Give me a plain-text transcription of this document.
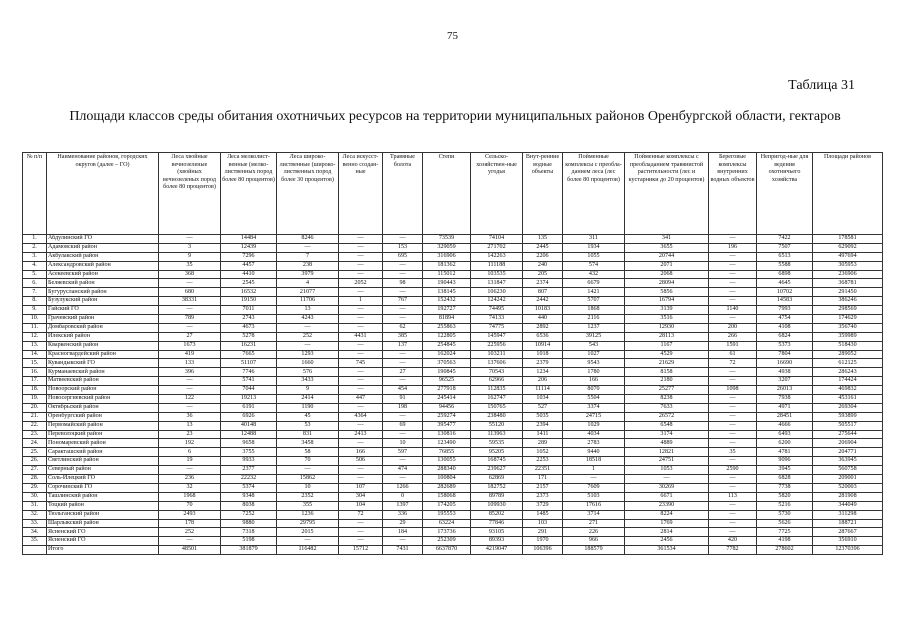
75
Таблица 31
Площади классов среды обитания охотничьих ресурсов на территории муниципальных районов Оренбургской области, гектаров
№ п/п	Наименование районов, городских округов (далее – ГО)	Леса хвойные вечнозеленые (хвойных вечнозеленых пород более 80 процентов)	Леса мелколист-венные (мелко-лиственных пород более 80 процентов)	Леса широко-лиственные (широко-лиственных пород более 30 процентов)	Леса искусст-венно создан-ные	Травяные болота	Степи	Сельско-хозяйствен-ные угодья	Внут-ренние водные объекты	Пойменные комплексы с преобла-данием леса (лес более 80 процентов)	Пойменные комплексы с преобладанием травянистой растительности (лес и кустарники до 20 процентов)	Береговые комплексы внутренних водных объектов	Непригод-ные для ведения охотничьего хозяйства	Площади районов
1.	Абдулинский ГО	—	14484	8246	—	—	73539	74104	135	311	341	—	7422	178581
2.	Адамовский район	3	12439	—	—	153	329059	271702	2445	1934	3655	196	7507	629092
3.	Акбулакский район	9	7296	7	—	695	316906	142263	2206	1055	20744	—	6513	497694
4.	Александровский район	35	4457	238	—	—	181362	111188	240	574	2071	—	5588	305953
5.	Асекеевский район	368	4410	3979	—	—	115012	103535	205	432	2068	—	6898	236906
6.	Беляевский район	—	2545	4	2052	98	190443	131847	2374	6679	28094	—	4645	368781
7.	Бугурусланский район	680	16532	21077	—	—	138145	106230	807	1421	5856	—	10702	291450
8.	Бузулукский район	38331	19150	11706	1	767	152432	124242	2442	5707	16794	—	14583	386246
9.	Гайский ГО	—	7011	13	—	—	192727	74495	10183	1868	3139	1140	7993	298569
10.	Грачевский район	789	2743	4243	—	—	81894	74133	440	2116	3516	—	4754	174629
11.	Домбаровский район	—	4673	—	—	62	255863	74775	2892	1237	12930	200	4108	356740
12.	Илекский район	27	5278	252	4431	385	122805	145947	6536	39125	28113	266	6824	359989
13.	Кваркенский район	1673	16231	—	—	137	254845	225956	10914	543	1167	1591	5373	518430
14.	Красногвардейский район	419	7665	1293	—	—	162024	103211	1018	1027	4529	61	7804	289052
15.	Кувандыкский ГО	133	51107	1660	745	—	370563	137606	2379	9543	21629	72	16690	612125
16.	Курманаевский район	396	7746	576	—	27	190845	70543	1234	1780	8158	—	4938	286243
17.	Матвеевский район	—	5741	3433	—	—	96525	62966	206	166	2180	—	3207	174424
18.	Новоорский район	—	7044	9	—	454	277918	112835	11114	8070	25277	1098	26013	469832
19.	Новосергиевский район	122	19213	2414	447	91	245414	162747	1034	5504	8238	—	7938	453161
20.	Октябрьский район	—	6191	1190	—	198	94456	150765	527	3374	7633	—	4971	269304
21.	Оренбургский район	36	6926	45	4364	—	259274	238480	5035	24715	26572	—	28451	593899
22.	Первомайский район	13	40148	53	—	69	395477	55120	2394	1029	6548	—	4666	505517
23.	Переволоцкий район	23	12488	831	2413	—	130816	113963	1411	4034	3174	—	6493	275644
24.	Пономаревский район	192	9658	3458	—	10	123490	59535	289	2783	4889	—	6200	206904
25.	Саракташский район	6	3755	58	166	597	76855	95205	1052	9440	12821	35	4781	204771
26.	Светлинский район	19	9933	70	506	—	130055	168745	2253	18518	24751	—	9096	363945
27.	Северный район	—	2377	—	—	474	288340	239627	22351	1	1053	2590	3945	560758
28.	Соль-Илецкий ГО	236	22232	15862	—	—	100804	62869	171	—	—	—	6828	209001
29.	Сорочинский ГО	32	5374	10	107	1266	282689	182752	2157	7609	30269	—	7738	520003
30.	Ташлинский район	1968	9348	2352	304	0	158068	89789	2373	5103	6671	113	5820	281908
31.	Тоцкий район	70	8038	355	104	1397	174205	109930	3729	17616	23390	—	5216	344049
32.	Тюльганский район	2493	7252	1236	72	336	195553	85202	1485	3714	8224	—	5730	311298
33.	Шарлыкский район	178	9880	29795	—	29	63224	77846	103	271	1769	—	5626	188721
34.	Ясненский ГО	252	7318	2015	—	184	173736	93105	291	226	2814	—	7725	287667
35.	Ясненский ГО	—	5198	—	—	—	252309	89393	1970	966	2456	420	4198	356910
	Итого	48501	381879	116482	15712	7431	6637870	4219047	106396	188579	361534	7782	278602	12370396
